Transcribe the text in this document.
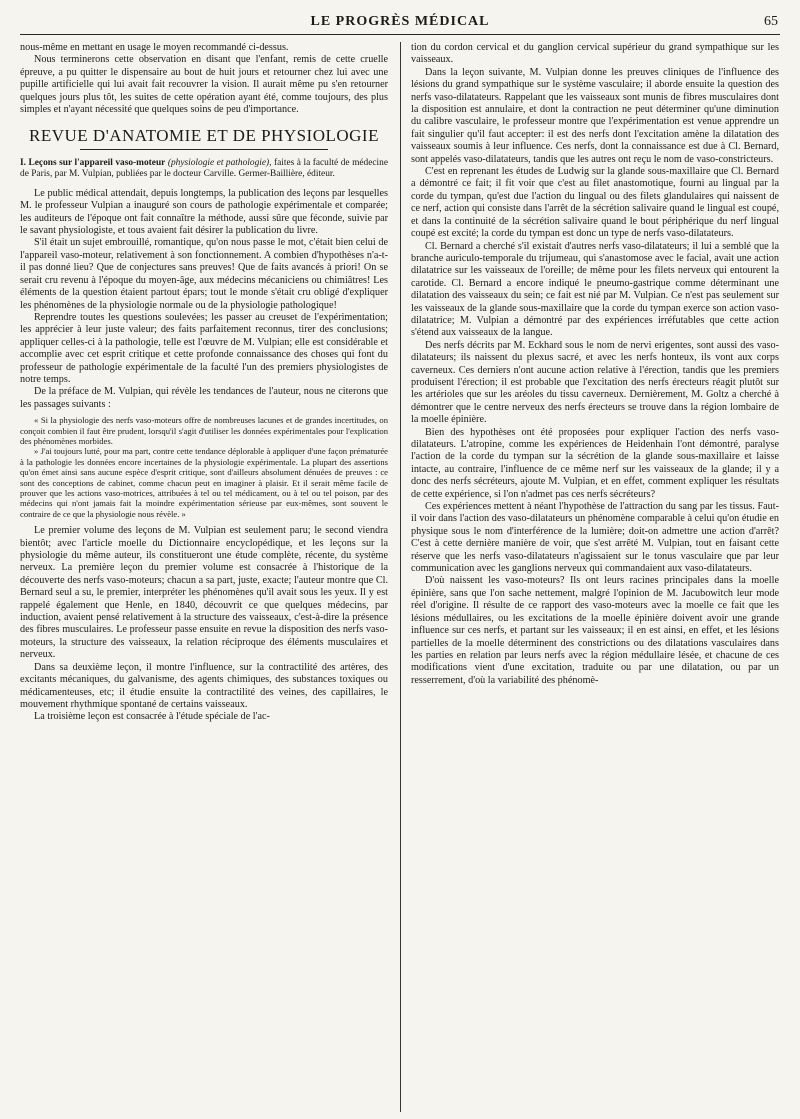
LE PROGRÈS MÉDICAL	65

nous-même en mettant en usage le moyen recommandé ci-dessus.

Nous terminerons cette observation en disant que l'enfant, remis de cette cruelle épreuve, a pu quitter le dispensaire au bout de huit jours et retourner chez lui avec une pupille artificielle qui lui avait fait recouvrer la vision. Il aurait même pu s'en retourner quelques jours plus tôt, les suites de cette opération ayant été, comme toujours, des plus simples et n'ayant nécessité que quelques soins de peu d'importance.

REVUE D'ANATOMIE ET DE PHYSIOLOGIE

I. Leçons sur l'appareil vaso-moteur (physiologie et pathologie), faites à la faculté de médecine de Paris, par M. Vulpian, publiées par le docteur Carville. Germer-Baillière, éditeur.

Le public médical attendait, depuis longtemps, la publication des leçons par lesquelles M. le professeur Vulpian a inauguré son cours de pathologie expérimentale et comparée; les auditeurs de l'époque ont fait connaître la méthode, aussi sûre que féconde, suivie par le savant physiologiste, et tous avaient fait désirer la publication du livre.

S'il était un sujet embrouillé, romantique, qu'on nous passe le mot, c'était bien celui de l'appareil vaso-moteur, relativement à son fonctionnement. A combien d'hypothèses n'a-t-il pas donné lieu? Que de conjectures sans preuves! Que de faits avancés à priori! On se serait cru revenu à l'époque du moyen-âge, aux médecins mécaniciens ou chimiâtres! Les éléments de la question étaient partout épars; tout le monde s'était cru obligé d'expliquer les phénomènes de la physiologie normale ou de la physiologie pathologique!

Reprendre toutes les questions soulevées; les passer au creuset de l'expérimentation; les apprécier à leur juste valeur; des faits parfaitement reconnus, tirer des conclusions; appliquer celles-ci à la pathologie, telle est l'œuvre de M. Vulpian; elle est considérable et accomplie avec cet esprit critique et cette profonde connaissance des choses qui font du professeur de pathologie expérimentale de la faculté l'un des premiers physiologistes de notre temps.

De la préface de M. Vulpian, qui révèle les tendances de l'auteur, nous ne citerons que les passages suivants :

« Si la physiologie des nerfs vaso-moteurs offre de nombreuses lacunes et de grandes incertitudes, on conçoit combien il faut être prudent, lorsqu'il s'agit d'utiliser les données expérimentales pour l'explication des phénomènes morbides.

» J'ai toujours lutté, pour ma part, contre cette tendance déplorable à appliquer d'une façon prématurée à la pathologie les données encore incertaines de la physiologie expérimentale. La plupart des assertions qu'on émet ainsi sans aucune espèce d'esprit critique, sont d'ailleurs absolument dénuées de preuves : ce sont des conceptions de cabinet, comme chacun peut en imaginer à plaisir. Et il serait même facile de prouver que les actions vaso-motrices, attribuées à tel ou tel médicament, ou à tel ou tel poison, par des médecins qui n'ont jamais fait la moindre expérimentation sérieuse par eux-mêmes, sont souvent le contraire de ce que la physiologie nous révèle. »

Le premier volume des leçons de M. Vulpian est seulement paru; le second viendra bientôt; avec l'article moelle du Dictionnaire encyclopédique, et les leçons sur la physiologie du même auteur, ils constitueront une étude complète, récente, du système nerveux. La première leçon du premier volume est consacrée à l'historique de la découverte des nerfs vaso-moteurs; chacun a sa part, juste, exacte; l'auteur montre que Cl. Bernard seul a su, le premier, interpréter les phénomènes qu'il avait sous les yeux. Il y est rappelé également que Henle, en 1840, découvrit ce que quelques médecins, par induction, avaient pensé relativement à la structure des vaisseaux, c'est-à-dire la présence des fibres musculaires. Le professeur passe ensuite en revue la disposition des nerfs vaso-moteurs, la structure des vaisseaux, la relation réciproque des éléments musculaires et nerveux.

Dans sa deuxième leçon, il montre l'influence, sur la contractilité des artères, des excitants mécaniques, du galvanisme, des agents chimiques, des substances toxiques ou médicamenteuses, etc; il étudie ensuite la contractilité des veines, des capillaires, le mouvement rhythmique spontané de certains vaisseaux.

La troisième leçon est consacrée à l'étude spéciale de l'ac-

tion du cordon cervical et du ganglion cervical supérieur du grand sympathique sur les vaisseaux.

Dans la leçon suivante, M. Vulpian donne les preuves cliniques de l'influence des lésions du grand sympathique sur le système vasculaire; il aborde ensuite la question des nerfs vaso-dilatateurs. Rappelant que les vaisseaux sont munis de fibres musculaires dont la disposition est annulaire, et dont la contraction ne peut déterminer qu'une diminution du calibre vasculaire, le professeur montre que l'expérimentation est venue apprendre un fait singulier qu'il faut accepter: il est des nerfs dont l'excitation amène la dilatation des vaisseaux soumis à leur influence. Ces nerfs, dont la connaissance est due à Cl. Bernard, sont appelés vaso-dilatateurs, tandis que les autres ont reçu le nom de vaso-constricteurs.

C'est en reprenant les études de Ludwig sur la glande sous-maxillaire que Cl. Bernard a démontré ce fait; il fit voir que c'est au filet anastomotique, fourni au lingual par la corde du tympan, qu'est due l'action du lingual ou des filets glandulaires qui naissent de ce nerf, action qui consiste dans l'arrêt de la sécrétion salivaire quand le lingual est coupé, et dans la continuité de la sécrétion salivaire quand le bout périphérique du nerf lingual coupé est excité; la corde du tympan est donc un type de nerfs vaso-dilatateurs.

Cl. Bernard a cherché s'il existait d'autres nerfs vaso-dilatateurs; il lui a semblé que la branche auriculo-temporale du trijumeau, qui s'anastomose avec le facial, avait une action dilatatrice sur les vaisseaux de l'oreille; de même pour les filets nerveux qui entourent la carotide. Cl. Bernard a encore indiqué le pneumo-gastrique comme déterminant une dilatation des vaisseaux du sein; ce fait est nié par M. Vulpian. Ce n'est pas seulement sur les vaisseaux de la glande sous-maxillaire que la corde du tympan exerce son action vaso-dilatatrice; M. Vulpian a démontré par des expériences irréfutables que cette action s'étend aux vaisseaux de la langue.

Des nerfs décrits par M. Eckhard sous le nom de nervi erigentes, sont aussi des vaso-dilatateurs; ils naissent du plexus sacré, et avec les nerfs honteux, ils vont aux corps caverneux. Ces derniers n'ont aucune action relative à l'érection, tandis que les premiers produisent l'érection; il est probable que l'excitation des nerfs érecteurs réagit plutôt sur les artérioles que sur les aréoles du tissu caverneux. Dernièrement, M. Goltz a cherché à démontrer que le centre nerveux des nerfs érecteurs se trouve dans la région lombaire de la moelle épinière.

Bien des hypothèses ont été proposées pour expliquer l'action des nerfs vaso-dilatateurs. L'atropine, comme les expériences de Heidenhain l'ont démontré, paralyse l'action de la corde du tympan sur la sécrétion de la glande sous-maxillaire et laisse intacte, au contraire, l'influence de ce même nerf sur les vaisseaux de la glande; il y a donc des nerfs sécréteurs, ajoute M. Vulpian, et en effet, comment expliquer les résultats de cette expérience, si l'on n'admet pas ces nerfs sécréteurs?

Ces expériences mettent à néant l'hypothèse de l'attraction du sang par les tissus. Faut-il voir dans l'action des vaso-dilatateurs un phénomène comparable à celui qu'on étudie en physique sous le nom d'interférence de la lumière; doit-on admettre une action d'arrêt? C'est à cette dernière manière de voir, que s'est arrêté M. Vulpian, tout en faisant cette réserve que les nerfs vaso-dilatateurs n'agissaient sur le tonus vasculaire que par leur communication avec les ganglions nerveux qui commandaient aux vaso-dilatateurs.

D'où naissent les vaso-moteurs? Ils ont leurs racines principales dans la moelle épinière, sans que l'on sache nettement, malgré l'opinion de M. Jacubowitch leur mode réel d'origine. Il résulte de ce rapport des vaso-moteurs avec la moelle ce fait que les lésions médullaires, ou les excitations de la moelle épinière doivent avoir une grande influence sur ces nerfs, et partant sur les vaisseaux; il en est ainsi, en effet, et les lésions partielles de la moelle déterminent des constrictions ou des dilatations vasculaires dans les parties en relation par leurs nerfs avec la région médullaire lésée, et chacune de ces modifications vient d'une excitation, traduite ou par une dilatation, ou par un resserrement, d'où la variabilité des phénomè-
